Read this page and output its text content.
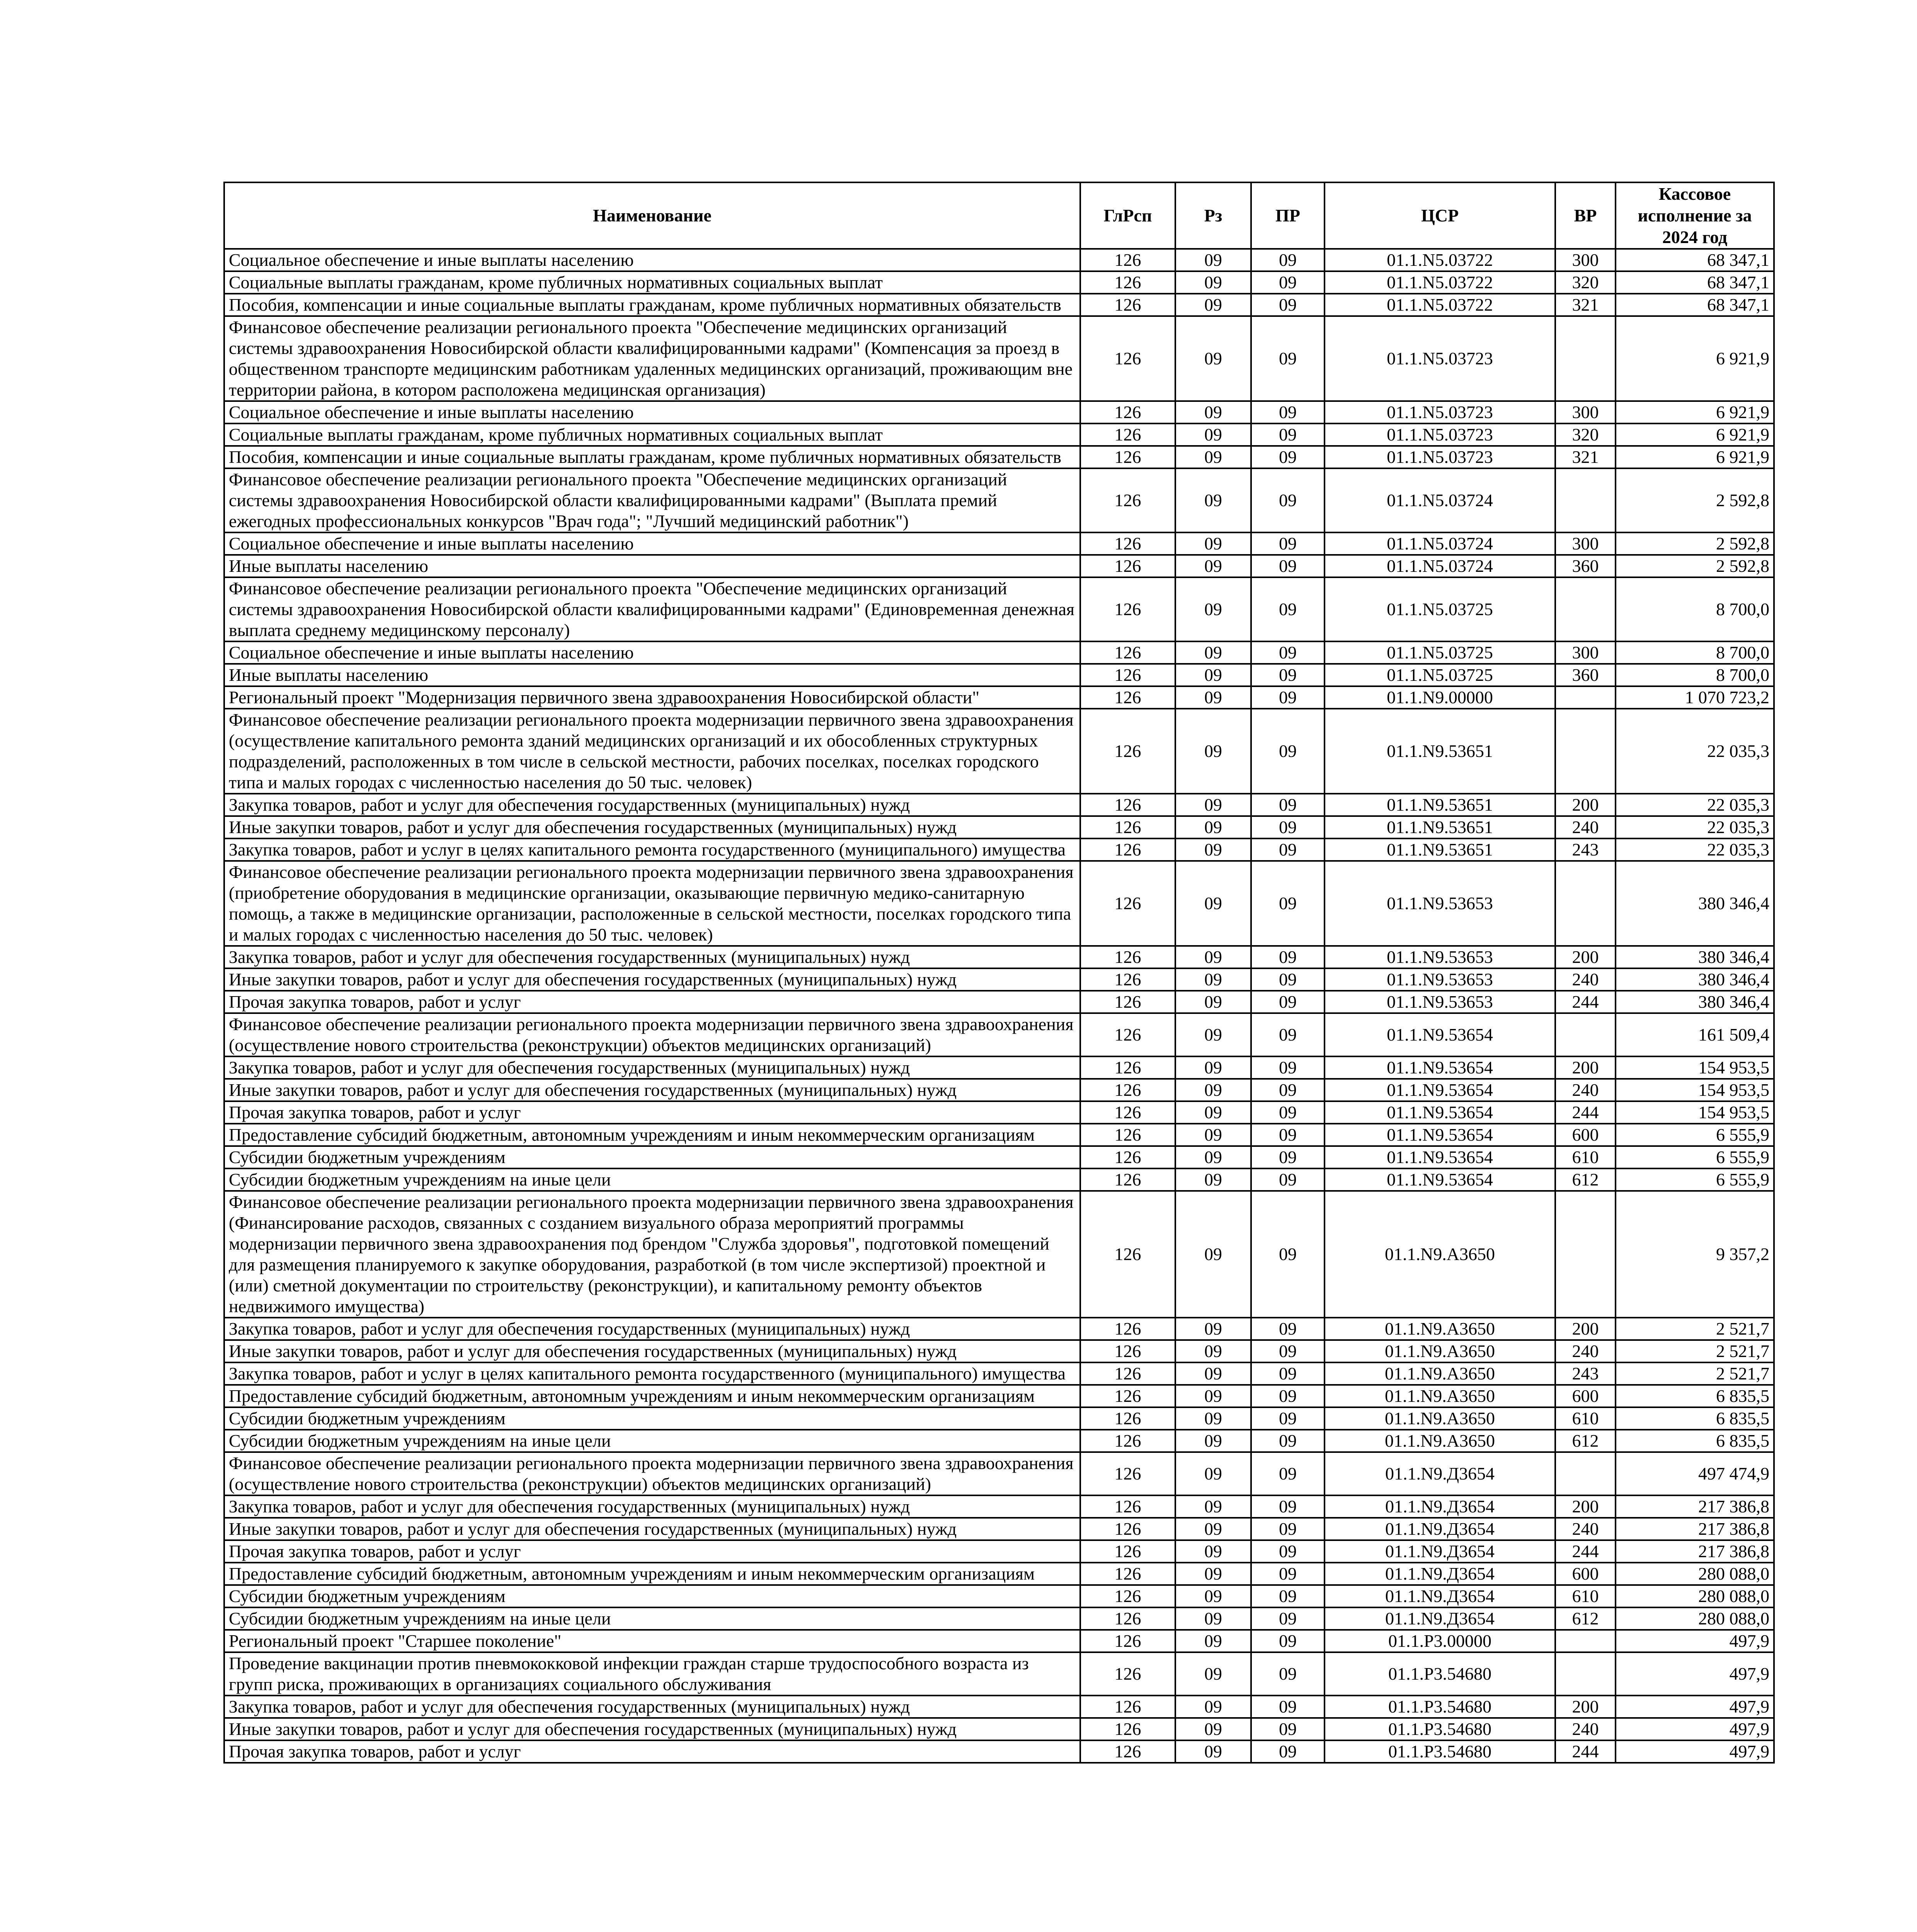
Наименование	ГлРсп	Рз	ПР	ЦСР	ВР	Кассовое исполнение за 2024 год
Социальное обеспечение и иные выплаты населению	126	09	09	01.1.N5.03722	300	68 347,1
Социальные выплаты гражданам, кроме публичных нормативных социальных выплат	126	09	09	01.1.N5.03722	320	68 347,1
Пособия, компенсации и иные социальные выплаты гражданам, кроме публичных нормативных обязательств	126	09	09	01.1.N5.03722	321	68 347,1
Финансовое обеспечение реализации регионального проекта "Обеспечение медицинских организаций системы здравоохранения Новосибирской области квалифицированными кадрами" (Компенсация за проезд в общественном транспорте медицинским работникам удаленных медицинских организаций, проживающим вне территории района, в котором расположена медицинская организация)	126	09	09	01.1.N5.03723		6 921,9
Социальное обеспечение и иные выплаты населению	126	09	09	01.1.N5.03723	300	6 921,9
Социальные выплаты гражданам, кроме публичных нормативных социальных выплат	126	09	09	01.1.N5.03723	320	6 921,9
Пособия, компенсации и иные социальные выплаты гражданам, кроме публичных нормативных обязательств	126	09	09	01.1.N5.03723	321	6 921,9
Финансовое обеспечение реализации регионального проекта "Обеспечение медицинских организаций системы здравоохранения Новосибирской области квалифицированными кадрами" (Выплата премий ежегодных профессиональных конкурсов "Врач года"; "Лучший медицинский работник")	126	09	09	01.1.N5.03724		2 592,8
Социальное обеспечение и иные выплаты населению	126	09	09	01.1.N5.03724	300	2 592,8
Иные выплаты населению	126	09	09	01.1.N5.03724	360	2 592,8
Финансовое обеспечение реализации регионального проекта "Обеспечение медицинских организаций системы здравоохранения Новосибирской области квалифицированными кадрами" (Единовременная денежная выплата среднему медицинскому персоналу)	126	09	09	01.1.N5.03725		8 700,0
Социальное обеспечение и иные выплаты населению	126	09	09	01.1.N5.03725	300	8 700,0
Иные выплаты населению	126	09	09	01.1.N5.03725	360	8 700,0
Региональный проект "Модернизация первичного звена здравоохранения Новосибирской области"	126	09	09	01.1.N9.00000		1 070 723,2
Финансовое обеспечение реализации регионального проекта модернизации первичного звена здравоохранения (осуществление капитального ремонта зданий медицинских организаций и их обособленных структурных подразделений, расположенных в том числе в сельской местности, рабочих поселках, поселках городского типа и малых городах с численностью населения до 50 тыс. человек)	126	09	09	01.1.N9.53651		22 035,3
Закупка товаров, работ и услуг для обеспечения государственных (муниципальных) нужд	126	09	09	01.1.N9.53651	200	22 035,3
Иные закупки товаров, работ и услуг для обеспечения государственных (муниципальных) нужд	126	09	09	01.1.N9.53651	240	22 035,3
Закупка товаров, работ и услуг в целях капитального ремонта государственного (муниципального) имущества	126	09	09	01.1.N9.53651	243	22 035,3
Финансовое обеспечение реализации регионального проекта модернизации первичного звена здравоохранения (приобретение оборудования в медицинские организации, оказывающие первичную медико-санитарную помощь, а также в медицинские организации, расположенные в сельской местности, поселках городского типа и малых городах с численностью населения до 50 тыс. человек)	126	09	09	01.1.N9.53653		380 346,4
Закупка товаров, работ и услуг для обеспечения государственных (муниципальных) нужд	126	09	09	01.1.N9.53653	200	380 346,4
Иные закупки товаров, работ и услуг для обеспечения государственных (муниципальных) нужд	126	09	09	01.1.N9.53653	240	380 346,4
Прочая закупка товаров, работ и услуг	126	09	09	01.1.N9.53653	244	380 346,4
Финансовое обеспечение реализации регионального проекта модернизации первичного звена здравоохранения (осуществление нового строительства (реконструкции) объектов медицинских организаций)	126	09	09	01.1.N9.53654		161 509,4
Закупка товаров, работ и услуг для обеспечения государственных (муниципальных) нужд	126	09	09	01.1.N9.53654	200	154 953,5
Иные закупки товаров, работ и услуг для обеспечения государственных (муниципальных) нужд	126	09	09	01.1.N9.53654	240	154 953,5
Прочая закупка товаров, работ и услуг	126	09	09	01.1.N9.53654	244	154 953,5
Предоставление субсидий бюджетным, автономным учреждениям и иным некоммерческим организациям	126	09	09	01.1.N9.53654	600	6 555,9
Субсидии бюджетным учреждениям	126	09	09	01.1.N9.53654	610	6 555,9
Субсидии бюджетным учреждениям на иные цели	126	09	09	01.1.N9.53654	612	6 555,9
Финансовое обеспечение реализации регионального проекта модернизации первичного звена здравоохранения (Финансирование расходов, связанных с созданием визуального образа мероприятий программы модернизации первичного звена здравоохранения под брендом "Служба здоровья", подготовкой помещений для размещения планируемого к закупке оборудования, разработкой (в том числе экспертизой) проектной и (или) сметной документации по строительству (реконструкции), и капитальному ремонту объектов недвижимого имущества)	126	09	09	01.1.N9.А3650		9 357,2
Закупка товаров, работ и услуг для обеспечения государственных (муниципальных) нужд	126	09	09	01.1.N9.А3650	200	2 521,7
Иные закупки товаров, работ и услуг для обеспечения государственных (муниципальных) нужд	126	09	09	01.1.N9.А3650	240	2 521,7
Закупка товаров, работ и услуг в целях капитального ремонта государственного (муниципального) имущества	126	09	09	01.1.N9.А3650	243	2 521,7
Предоставление субсидий бюджетным, автономным учреждениям и иным некоммерческим организациям	126	09	09	01.1.N9.А3650	600	6 835,5
Субсидии бюджетным учреждениям	126	09	09	01.1.N9.А3650	610	6 835,5
Субсидии бюджетным учреждениям на иные цели	126	09	09	01.1.N9.А3650	612	6 835,5
Финансовое обеспечение реализации регионального проекта модернизации первичного звена здравоохранения (осуществление нового строительства (реконструкции) объектов медицинских организаций)	126	09	09	01.1.N9.Д3654		497 474,9
Закупка товаров, работ и услуг для обеспечения государственных (муниципальных) нужд	126	09	09	01.1.N9.Д3654	200	217 386,8
Иные закупки товаров, работ и услуг для обеспечения государственных (муниципальных) нужд	126	09	09	01.1.N9.Д3654	240	217 386,8
Прочая закупка товаров, работ и услуг	126	09	09	01.1.N9.Д3654	244	217 386,8
Предоставление субсидий бюджетным, автономным учреждениям и иным некоммерческим организациям	126	09	09	01.1.N9.Д3654	600	280 088,0
Субсидии бюджетным учреждениям	126	09	09	01.1.N9.Д3654	610	280 088,0
Субсидии бюджетным учреждениям на иные цели	126	09	09	01.1.N9.Д3654	612	280 088,0
Региональный проект "Старшее поколение"	126	09	09	01.1.P3.00000		497,9
Проведение вакцинации против пневмококковой инфекции граждан старше трудоспособного возраста из групп риска, проживающих в организациях социального обслуживания	126	09	09	01.1.P3.54680		497,9
Закупка товаров, работ и услуг для обеспечения государственных (муниципальных) нужд	126	09	09	01.1.P3.54680	200	497,9
Иные закупки товаров, работ и услуг для обеспечения государственных (муниципальных) нужд	126	09	09	01.1.P3.54680	240	497,9
Прочая закупка товаров, работ и услуг	126	09	09	01.1.P3.54680	244	497,9
